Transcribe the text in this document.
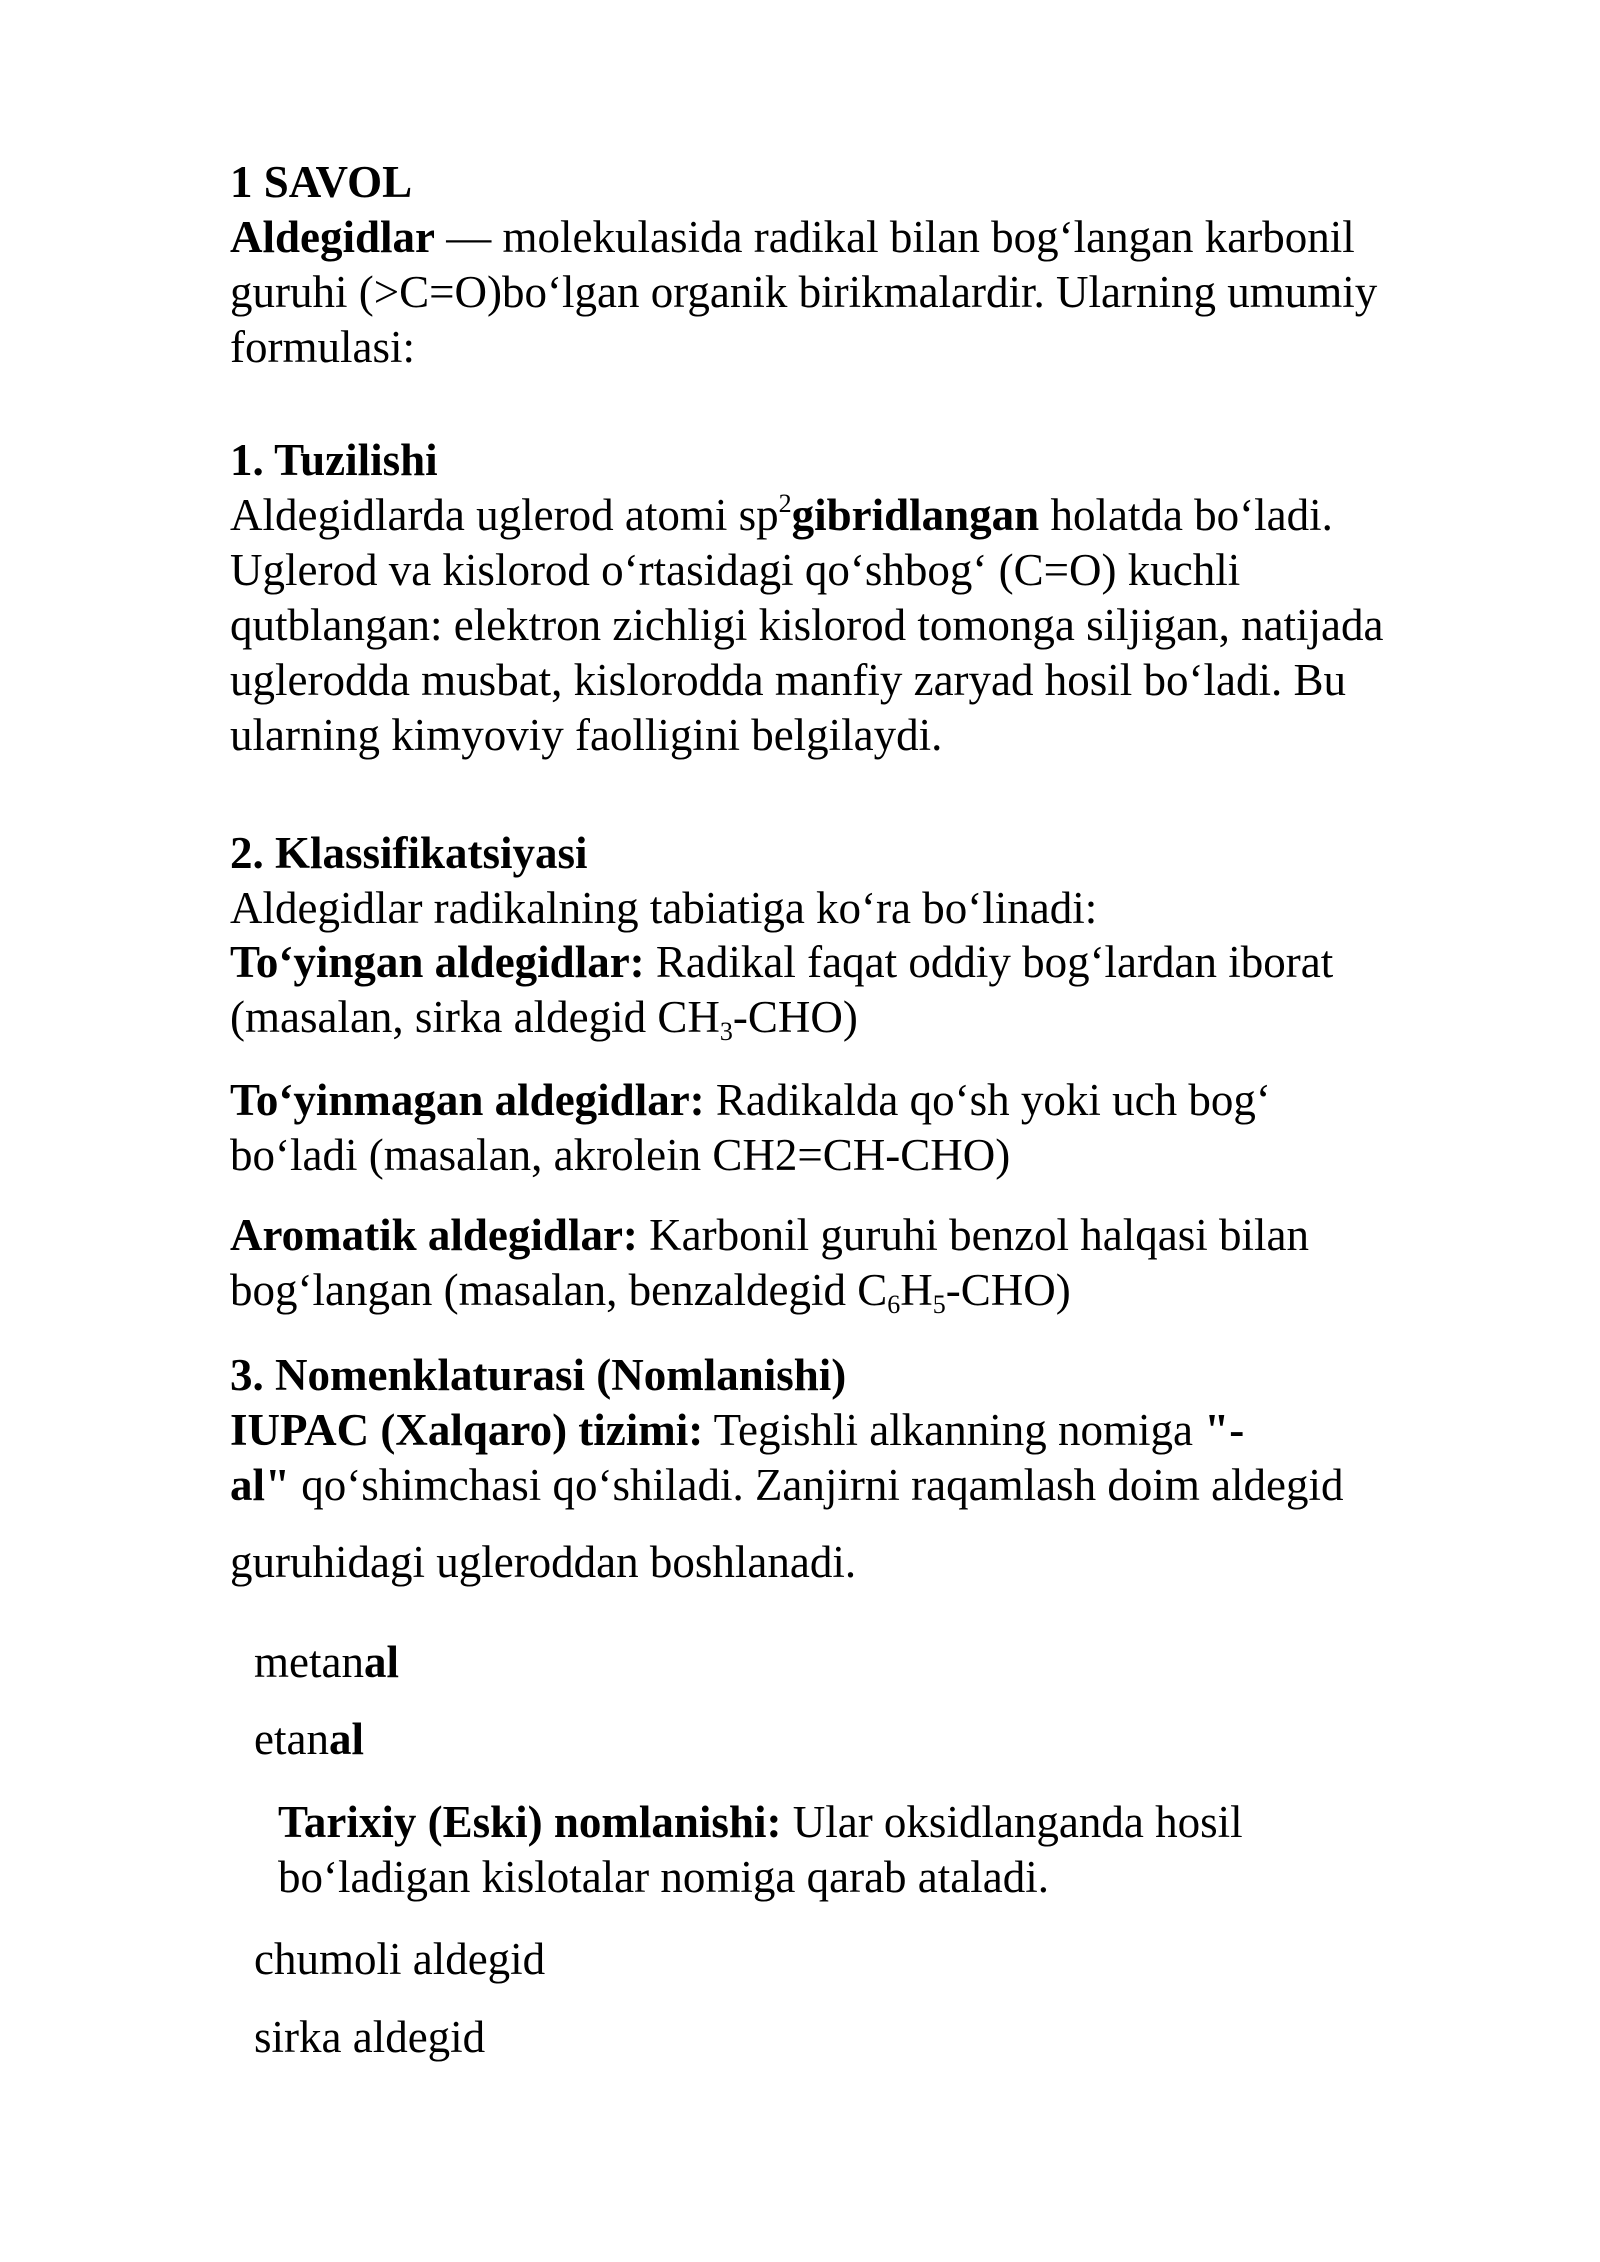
1 SAVOL

Aldegidlar — molekulasida radikal bilan bog‘langan karbonil
guruhi (>C=O)bo‘lgan organik birikmalardir. Ularning umumiy
formulasi:

1. Tuzilishi

Aldegidlarda uglerod atomi $sp^2gibridlangan$ holatda bo‘ladi.
Uglerod va kislorod o‘rtasidagi qo‘shbog‘ (C=O) kuchli
qutblangan: elektron zichligi kislorod tomonga siljigan, natijada
uglerodda musbat, kislorodda manfiy zaryad hosil bo‘ladi. Bu
ularning kimyoviy faolligini belgilaydi.

2. Klassifikatsiyasi

Aldegidlar radikalning tabiatiga ko‘ra bo‘linadi:

To‘yingan aldegidlar: Radikal faqat oddiy bog‘lardan iborat
(masalan, sirka aldegid $CH_3-CHO$)
To‘yinmagan aldegidlar: Radikalda qo‘sh yoki uch bog‘
bo‘ladi (masalan, akrolein CH2=CH-CHO)
Aromatik aldegidlar: Karbonil guruhi benzol halqasi bilan
bog‘langan (masalan, benzaldegid $C_6H_5-CHO$)

3. Nomenklaturasi (Nomlanishi)

IUPAC (Xalqaro) tizimi: Tegishli alkanning nomiga "-
al" qo‘shimchasi qo‘shiladi. Zanjirni raqamlash doim aldegid
guruhidagi ugleroddan boshlanadi.

metanal

etanal

Tarixiy (Eski) nomlanishi: Ular oksidlanganda hosil
bo‘ladigan kislotalar nomiga qarab ataladi.

chumoli aldegid

sirka aldegid
